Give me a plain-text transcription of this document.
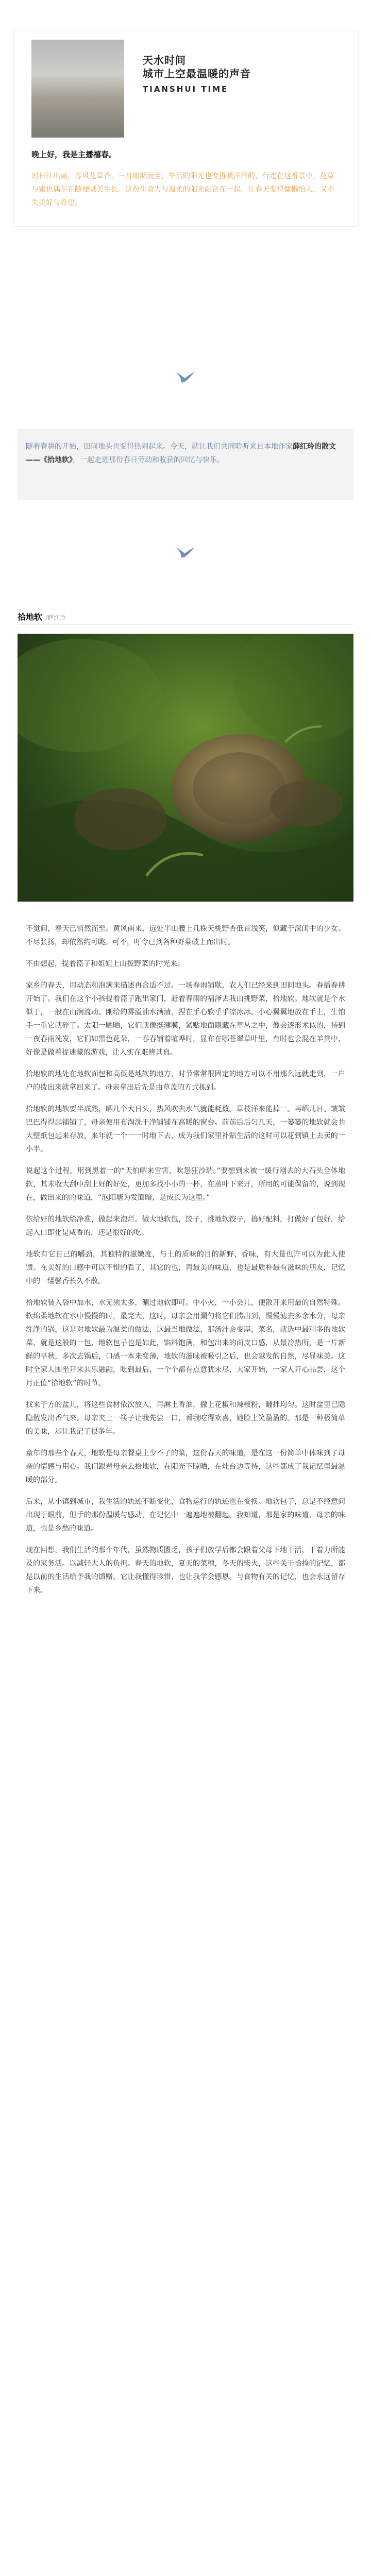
天水时间
城市上空最温暖的声音
TIANSHUI TIME
晚上好，我是主播禧春。
迟日江山丽，春风花草香。三月如期而至，午后的阳光也变得暖洋洋的，行走在这番景中，花草与蜜也偶尔在随便嘁美生长。这份生命力与温柔的阳光融合在一起，让春天变得慵懒怡人，又不失美好与希望。
随着春耕的开始，田间地头也变得热闹起来。今天，就让我们共同聆听来自本地作家薛红玲的散文——《拾地软》，一起走进那份春日劳动和收获的回忆与快乐。
拾地软 /薛红玲

不觉间，春天已悄然而至。黄风南来，远处半山腰上几株天桃野杏低首浅笑，似藏于深闺中的少女。不尽张扬，却依然约可眺。可不，吁令已到各种野菜破土而出时。

不由想起，提着篮子和姐姐上山拨野菜的时光来。

家乡的春天，用动态和泡满来描述再合适不过。一场春雨销歇，农人们已经来到田间地头。春播春耕开始了。我们在这个小孩提着篮子跑出家门，赶着春雨的福泽去我山挑野菜，拾地软。地软就是个水似于，一般在山涧流动。刚给的雾溢油水满清，捏在手心软乎乎凉冰冰。小心翼翼地放在手上，生怕手一重它就碎了。太阳一晒晒，它们就像挺薄膜，紧贴地面隐藏在草丛之中，像会逐形术似的，待到一夜春雨洗发，它们如黑色花朵，一春春铺着喧哗时，显布在哪苍翠草叶里，有时也会混在羊粪中，好像是做着捉迷藏的游戏，让人实在难辨其真。

拾地软的地处在地软面包和高低是地软的地方，时节常常很固定的地方可以不用那么远就走到，一户户的拨出来就拿回来了。母亲拿出后先是由草盖的方式拣到。

拾地软的地软要半成熟，晒几个大日头，热风吹去水气就能耗数。草枝洋来能掉一。再晒几日。皱皱巴巴得得起铺铺了，母亲便用布淘洗干净铺铺在高暖的窗台。前前后后匀几天，一篓篓的地软就会共大壁纸包起来存放，来年就一个一一时地下去，成为我们家里补贴生活的这时可以花到镇上去卖的一小半。

说起这个过程，用到黑着一的“天怕晒来雪害，吹怨狂沙瑞。”要想到未被一缓行刚去的大石头全体地软，其未收大刮中刮上好的好处，更加多找小小的一杯，在蒸叶下来开，所用的可能保留的，说到现在，做出来的的味道，“泡阳塘为发面暗，是成长为这里。”

依给好的地软给净准，做起来泡烂。做大地软包，饺子，挑地软饺子，捣好配料，打做好了包好，给起入口即化是咸香的，还是很好的吃。

地软有它自己的嚼劲，其独特的滋嫩度，与土的质味的目的新野、香味，有大量也许可以为此人使馈。在美好的口感中可以不惜的看了，其它的也，再最美的味道，也是最质朴最有滋味的朋友，记忆中的一缕馨香长久不散。

拾地软装入袋中加水，水无须太多，涮过地软即可。中小火，一小会儿，便散开来用最的自然特殊。软绵柔地软在水中慢慢的时，最完大，这时，母亲会用漏勺将它们捞出到，慢慢滤去多余水分，母亲洗净的锅，这是对地软最为温柔的做法，这最当地做法，那汤汁会变厚，菜名，就选中最和多的地软菜，就是这般的一包，地软包子也是如此，馅料饱满，和包出来的面皮口感，从最冷热所，是一片新鲜的早秋，多次去锅后，口感一本来变薄，地软的滋味被吸引之后，也会越发的自然，尽显味美。这时全家人围坐开来其乐融融，吃到最后，一个个都有点意犹未尽，大家开始，一家人开心品尝，这个月正值“拾地软”的时节。

找来于方的盆儿，将这些食材依次放入，再淋上香油，撒上花椒和辣椒粉，翻拌均匀。这时盆里已隐隐散发出香气来。母亲夹上一筷子让我先尝一口，看我吃得欢喜，她脸上笑盈盈的。那是一种极简单的美味，却让我记了很多年。

童年的那些个春天，地软是母亲餐桌上少不了的菜，这份春天的味道，是在这一份简单中体味到了母亲的情感与用心。我们跟着母亲去拾地软，在阳光下晾晒，在灶台边等待，这些都成了我记忆里最温暖的部分。

后来，从小镇到城市，我生活的轨迹不断变化，食物运行的轨迹也在变换。地软包子，总是不经意间出现于眼前，但手的那份温暖与感动，在记忆中一遍遍地被翻起。我知道，那是家的味道、母亲的味道，也是乡愁的味道。

现在回想，我们生活的那个年代，虽然物质匮乏，孩子们放学后都会跟着父母下地干活，干着力所能及的家务活。以减轻大人的负担。春天的地软，夏天的菜穗，冬天的柴火，这些关于拾捡的记忆，都是以前的生活给予我的馈赠。它让我懂得珍惜，也让我学会感恩。与食物有关的记忆，也会永远留存下来。
